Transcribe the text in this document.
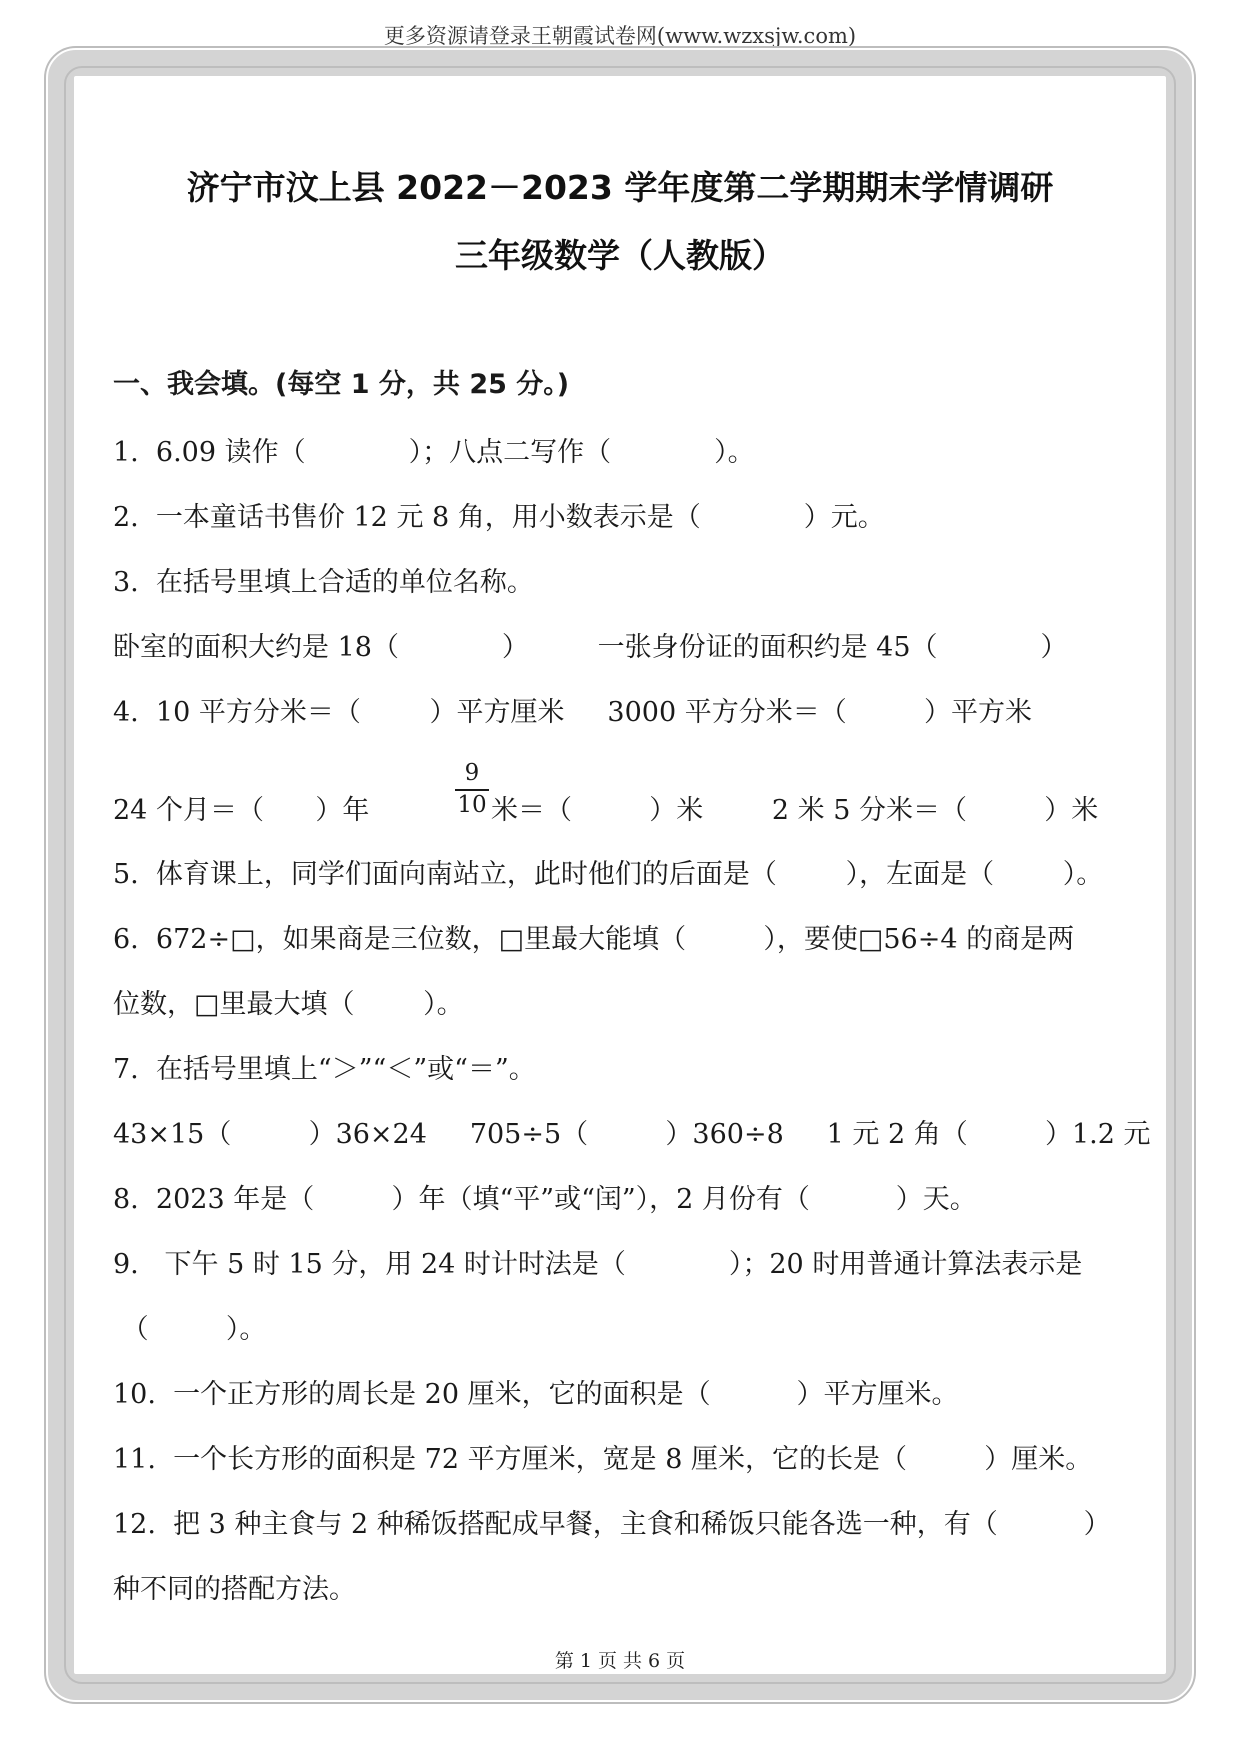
更多资源请登录王朝霞试卷网(www.wzxsjw.com)
济宁市汶上县 2022－2023 学年度第二学期期末学情调研
三年级数学（人教版）
一、我会填。(每空 1 分，共 25 分。)
1.  6.09 读作（            ）；八点二写作（            ）。
2.  一本童话书售价 12 元 8 角，用小数表示是（            ）元。
3.  在括号里填上合适的单位名称。
卧室的面积大约是 18（            ）        一张身份证的面积约是 45（            ）
4.  10 平方分米＝（        ）平方厘米     3000 平方分米＝（         ）平方米
24 个月＝（      ）年
9
10 米＝（         ）米        2 米 5 分米＝（         ）米
5.  体育课上，同学们面向南站立，此时他们的后面是（        ），左面是（        ）。
6.  672÷□，如果商是三位数，□里最大能填（         ），要使□56÷4 的商是两
位数，□里最大填（        ）。
7.  在括号里填上“＞”“＜”或“＝”。
43×15（         ）36×24     705÷5（         ）360÷8     1 元 2 角（         ）1.2 元
8.  2023 年是（         ）年（填“平”或“闰”），2 月份有（          ）天。
9.   下午 5 时 15 分，用 24 时计时法是（            ）；20 时用普通计算法表示是
（         ）。
10.  一个正方形的周长是 20 厘米，它的面积是（          ）平方厘米。
11.  一个长方形的面积是 72 平方厘米，宽是 8 厘米，它的长是（         ）厘米。
12.  把 3 种主食与 2 种稀饭搭配成早餐，主食和稀饭只能各选一种，有（          ）
种不同的搭配方法。
第 1 页 共 6 页
